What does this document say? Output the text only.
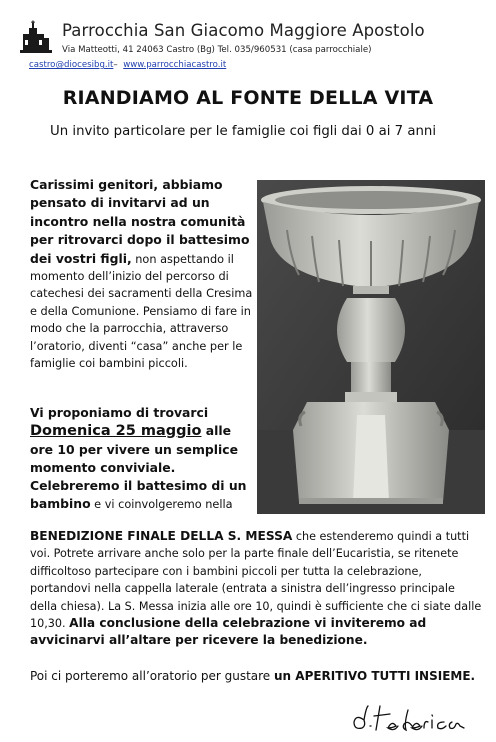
Parrocchia San Giacomo Maggiore Apostolo
Via Matteotti, 41 24063 Castro (Bg) Tel. 035/960531 (casa parrocchiale)
castro@diocesibg.it– www.parrocchiacastro.it
RIANDIAMO AL FONTE DELLA VITA
Un invito particolare per le famiglie coi figli dai 0 ai 7 anni
Carissimi genitori, abbiamo pensato di invitarvi ad un incontro nella nostra comunità per ritrovarci dopo il battesimo dei vostri figli, non aspettando il momento dell’inizio del percorso di catechesi dei sacramenti della Cresima e della Comunione. Pensiamo di fare in modo che la parrocchia, attraverso l’oratorio, diventi “casa” anche per le famiglie coi bambini piccoli.
Vi proponiamo di trovarci Domenica 25 maggio alle ore 10 per vivere un semplice momento conviviale. Celebreremo il battesimo di un bambino e vi coinvolgeremo nella
BENEDIZIONE FINALE DELLA S. MESSA che estenderemo quindi a tutti voi. Potrete arrivare anche solo per la parte finale dell’Eucaristia, se ritenete difficoltoso partecipare con i bambini piccoli per tutta la celebrazione, portandovi nella cappella laterale (entrata a sinistra dell’ingresso principale della chiesa). La S. Messa inizia alle ore 10, quindi è sufficiente che ci siate dalle 10,30. Alla conclusione della celebrazione vi inviteremo ad avvicinarvi all’altare per ricevere la benedizione.
Poi ci porteremo all’oratorio per gustare un APERITIVO TUTTI INSIEME.
